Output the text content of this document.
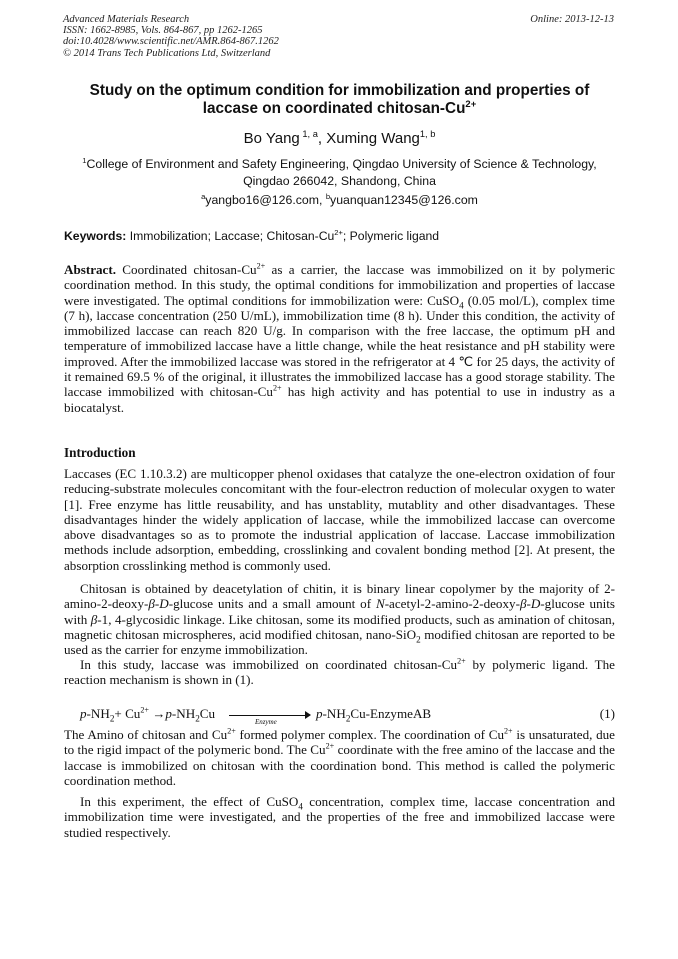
Advanced Materials Research
ISSN: 1662-8985, Vols. 864-867, pp 1262-1265
doi:10.4028/www.scientific.net/AMR.864-867.1262
© 2014 Trans Tech Publications Ltd, Switzerland
Online: 2013-12-13
Study on the optimum condition for immobilization and properties of
laccase on coordinated chitosan-$Cu^{2+}$
Bo Yang $^{1, a}$, Xuming Wang$^{1, b}$
$^1$College of Environment and Safety Engineering, Qingdao University of Science & Technology,
Qingdao 266042, Shandong, China
$^a$yangbo16@126.com, $^b$yuanquan12345@126.com
Keywords: Immobilization; Laccase; Chitosan-$Cu^{2+}$; Polymeric ligand
Abstract. Coordinated chitosan-$Cu^{2+}$ as a carrier, the laccase was immobilized on it by polymeric coordination method. In this study, the optimal conditions for immobilization and properties of laccase were investigated. The optimal conditions for immobilization were: CuSO$_4$ (0.05 mol/L), complex time (7 h), laccase concentration (250 U/mL), immobilization time (8 h). Under this condition, the activity of immobilized laccase can reach 820 U/g. In comparison with the free laccase, the optimum pH and temperature of immobilized laccase have a little change, while the heat resistance and pH stability were improved. After the immobilized laccase was stored in the refrigerator at 4 ℃ for 25 days, the activity of it remained 69.5 % of the original, it illustrates the immobilized laccase has a good storage stability. The laccase immobilized with chitosan-$Cu^{2+}$ has high activity and has potential to use in industry as a biocatalyst.
Introduction
Laccases (EC 1.10.3.2) are multicopper phenol oxidases that catalyze the one-electron oxidation of four reducing-substrate molecules concomitant with the four-electron reduction of molecular oxygen to water [1]. Free enzyme has little reusability, and has unstablity, mutablity and other disadvantages. These disadvantages hinder the widely application of laccase, while the immobilized laccase can overcome above disadvantages so as to promote the industrial application of laccase. Laccase immobilization methods include adsorption, embedding, crosslinking and covalent bonding method [2]. At present, the absorption crosslinking method is commonly used.
Chitosan is obtained by deacetylation of chitin, it is binary linear copolymer by the majority of 2-amino-2-deoxy-β-D-glucose units and a small amount of N-acetyl-2-amino-2-deoxy-β-D-glucose units with β-1, 4-glycosidic linkage. Like chitosan, some its modified products, such as amination of chitosan, magnetic chitosan microspheres, acid modified chitosan, nano-SiO$_2$ modified chitosan are reported to be used as the carrier for enzyme immobilization.
In this study, laccase was immobilized on coordinated chitosan-$Cu^{2+}$ by polymeric ligand. The reaction mechanism is shown in (1).
$p-NH_2+ Cu^{2+} \to p-NH_2Cu$
Enzyme
$p-NH_2Cu$-EnzymeAB	(1)
The Amino of chitosan and $Cu^{2+}$ formed polymer complex. The coordination of $Cu^{2+}$ is unsaturated, due to the rigid impact of the polymeric bond. The $Cu^{2+}$ coordinate with the free amino of the laccase and the laccase is immobilized on chitosan with the coordination bond. This method is called the polymeric coordination method.
In this experiment, the effect of CuSO$_4$ concentration, complex time, laccase concentration and immobilization time were investigated, and the properties of the free and immobilized laccase were studied respectively.
